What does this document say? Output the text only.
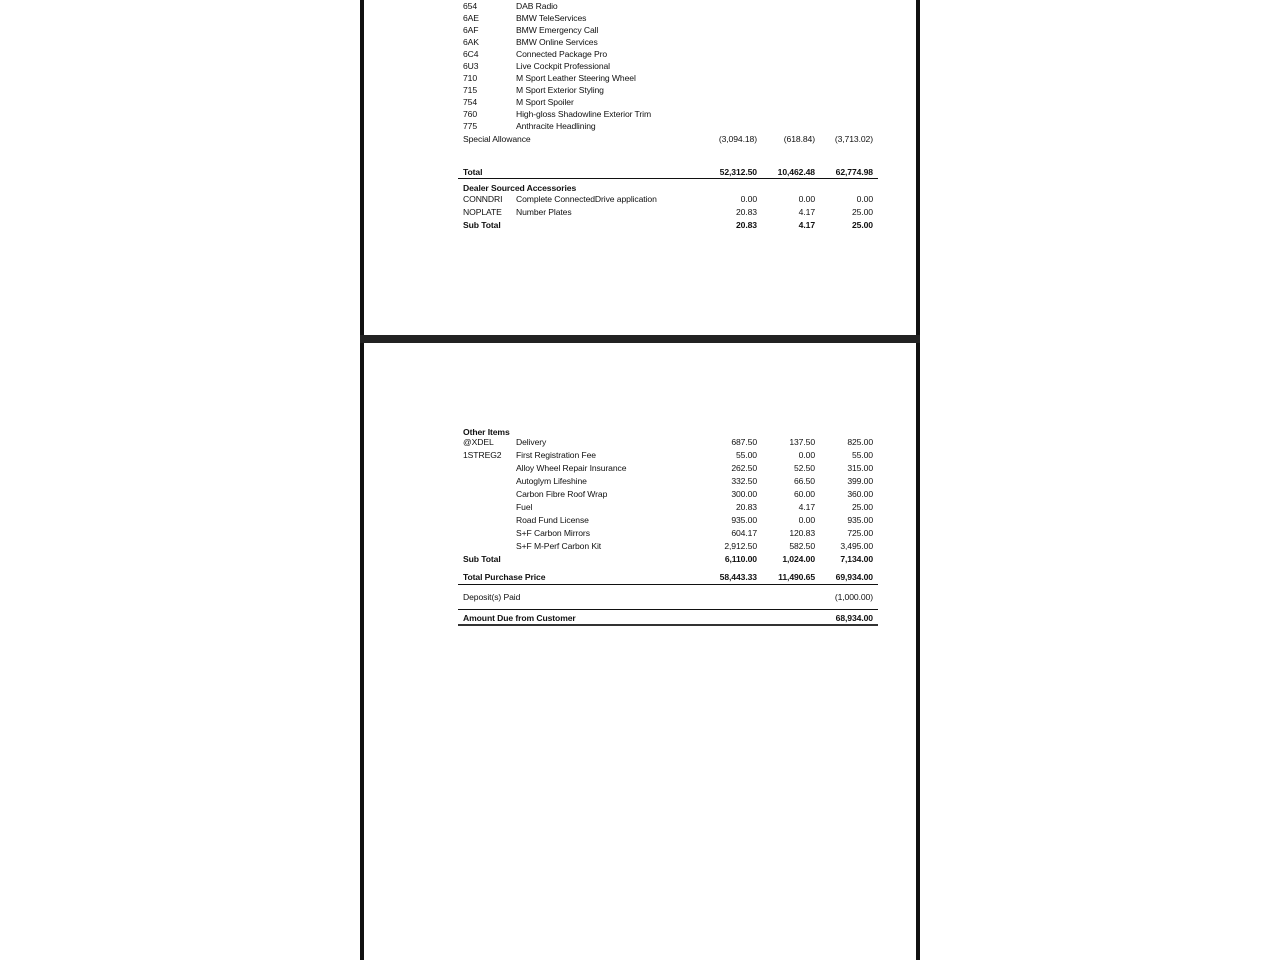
654	DAB Radio
6AE	BMW TeleServices
6AF	BMW Emergency Call
6AK	BMW Online Services
6C4	Connected Package Pro
6U3	Live Cockpit Professional
710	M Sport Leather Steering Wheel
715	M Sport Exterior Styling
754	M Sport Spoiler
760	High-gloss Shadowline Exterior Trim
775	Anthracite Headlining
Special Allowance	(3,094.18)	(618.84)	(3,713.02)
Total	52,312.50	10,462.48	62,774.98
Dealer Sourced Accessories
CONNDRI Complete ConnectedDrive application	0.00	0.00	0.00
NOPLATE Number Plates	20.83	4.17	25.00
Sub Total	20.83	4.17	25.00
Other Items
@XDEL	Delivery	687.50	137.50	825.00
1STREG2 First Registration Fee	55.00	0.00	55.00
Alloy Wheel Repair Insurance	262.50	52.50	315.00
Autoglym Lifeshine	332.50	66.50	399.00
Carbon Fibre Roof Wrap	300.00	60.00	360.00
Fuel	20.83	4.17	25.00
Road Fund License	935.00	0.00	935.00
S+F Carbon Mirrors	604.17	120.83	725.00
S+F M-Perf Carbon Kit	2,912.50	582.50	3,495.00
Sub Total	6,110.00	1,024.00	7,134.00
Total Purchase Price	58,443.33	11,490.65	69,934.00
Deposit(s) Paid	(1,000.00)
Amount Due from Customer	68,934.00
